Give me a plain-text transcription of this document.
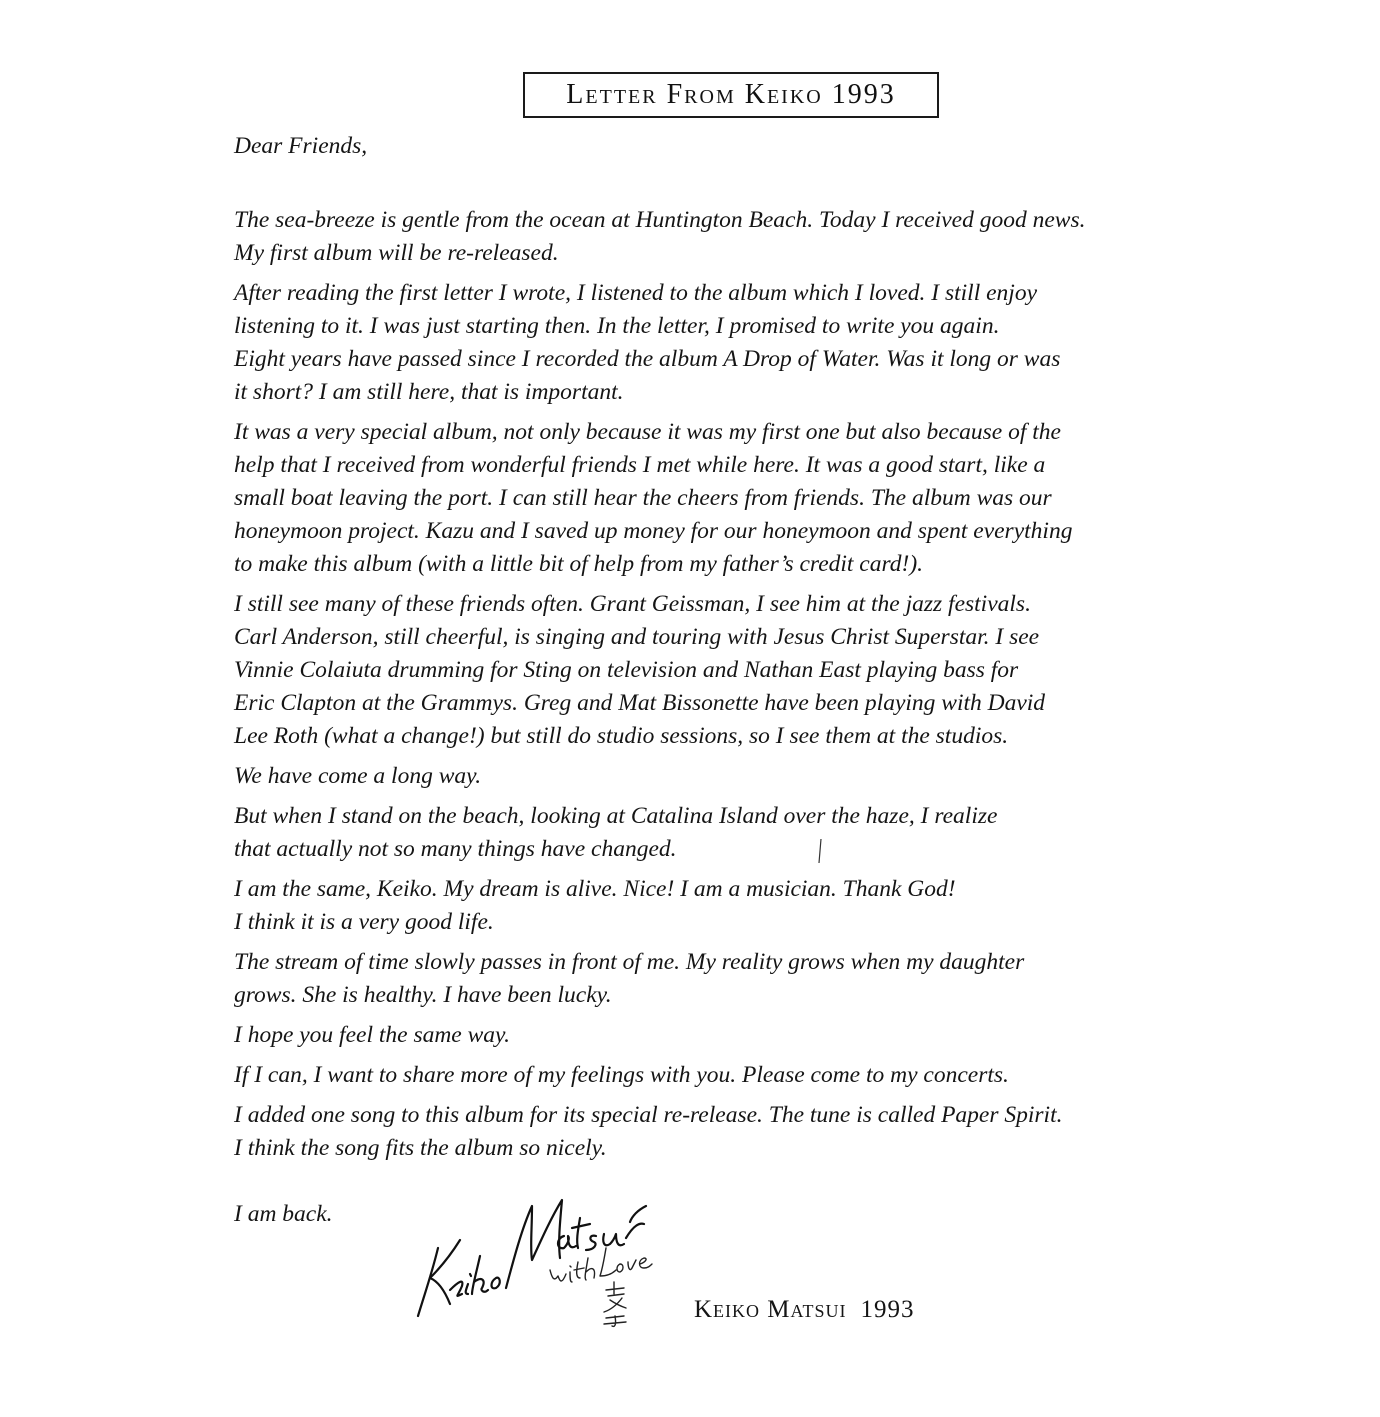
Letter From Keiko 1993
Dear Friends,
The sea-breeze is gentle from the ocean at Huntington Beach. Today I received good news.
My first album will be re-released.
After reading the first letter I wrote, I listened to the album which I loved. I still enjoy
listening to it. I was just starting then. In the letter, I promised to write you again.
Eight years have passed since I recorded the album A Drop of Water. Was it long or was
it short? I am still here, that is important.
It was a very special album, not only because it was my first one but also because of the
help that I received from wonderful friends I met while here. It was a good start, like a
small boat leaving the port. I can still hear the cheers from friends. The album was our
honeymoon project. Kazu and I saved up money for our honeymoon and spent everything
to make this album (with a little bit of help from my father’s credit card!).
I still see many of these friends often. Grant Geissman, I see him at the jazz festivals.
Carl Anderson, still cheerful, is singing and touring with Jesus Christ Superstar. I see
Vinnie Colaiuta drumming for Sting on television and Nathan East playing bass for
Eric Clapton at the Grammys. Greg and Mat Bissonette have been playing with David
Lee Roth (what a change!) but still do studio sessions, so I see them at the studios.
We have come a long way.
But when I stand on the beach, looking at Catalina Island over the haze, I realize
that actually not so many things have changed.
I am the same, Keiko. My dream is alive. Nice! I am a musician. Thank God!
I think it is a very good life.
The stream of time slowly passes in front of me. My reality grows when my daughter
grows. She is healthy. I have been lucky.
I hope you feel the same way.
If I can, I want to share more of my feelings with you. Please come to my concerts.
I added one song to this album for its special re-release. The tune is called Paper Spirit.
I think the song fits the album so nicely.
I am back.
Keiko Matsui 1993
